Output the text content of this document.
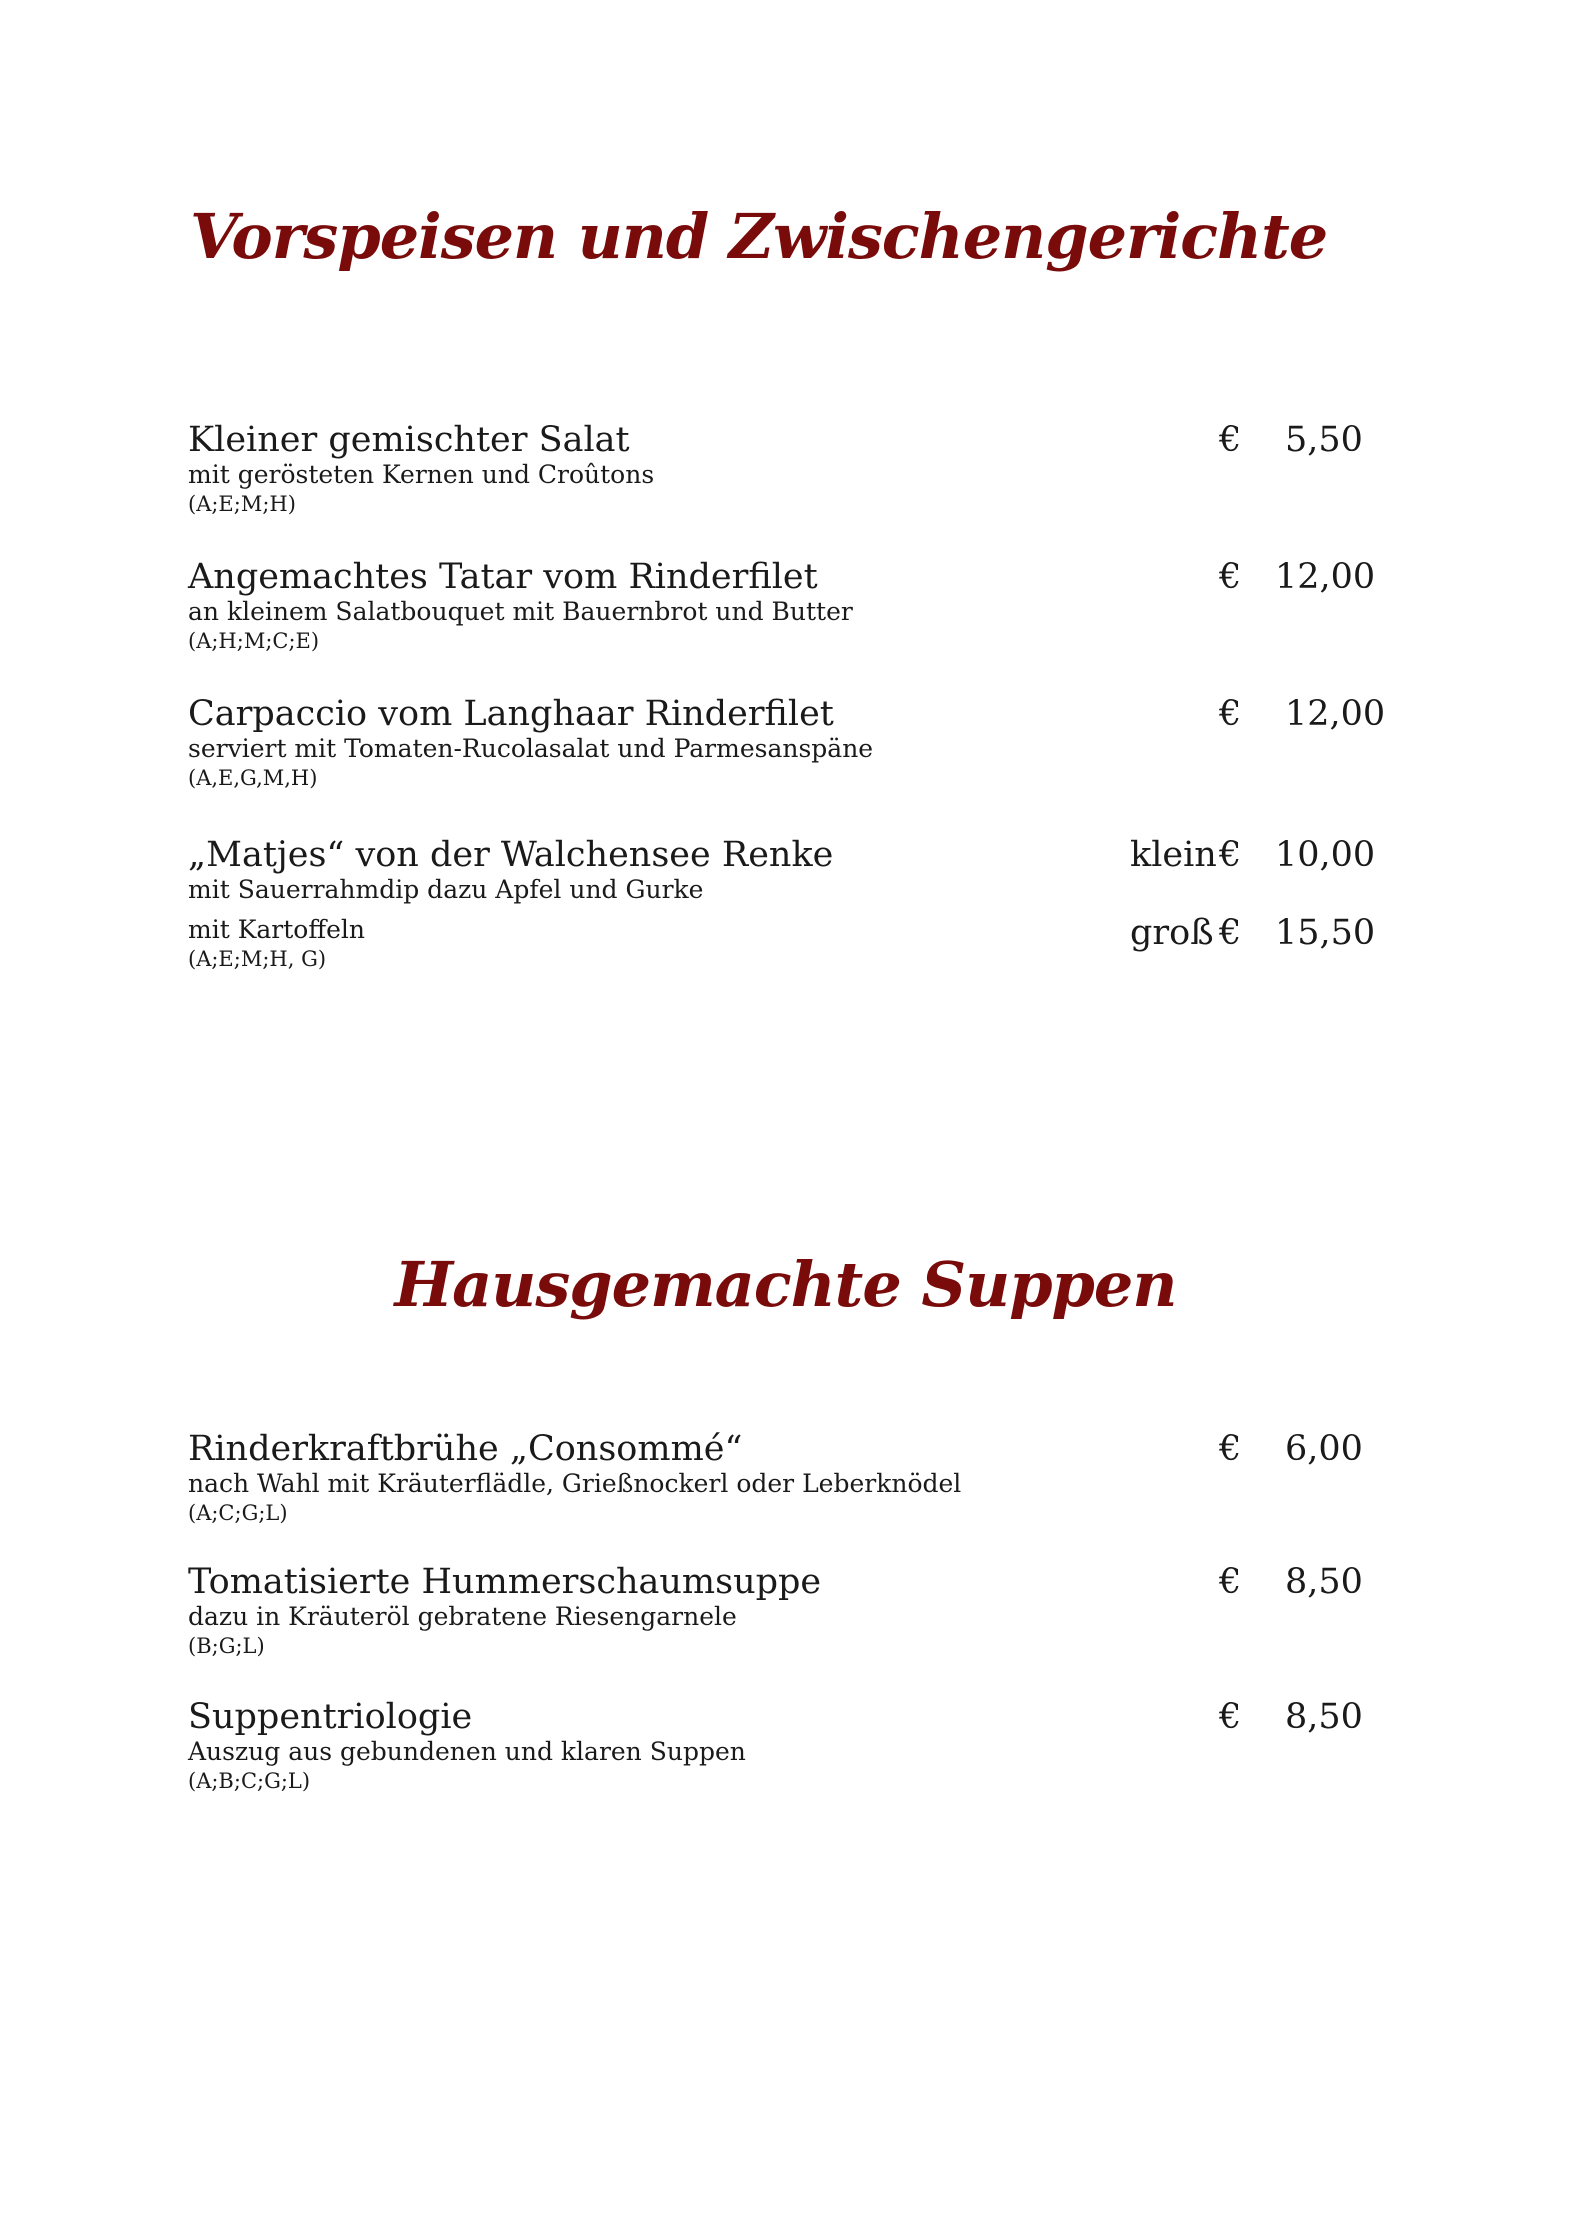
Vorspeisen und Zwischengerichte
Kleiner gemischter Salat
mit gerösteten Kernen und Croûtons
(A;E;M;H)
€ 5,50
Angemachtes Tatar vom Rinderfilet
an kleinem Salatbouquet mit Bauernbrot und Butter
(A;H;M;C;E)
€ 12,00
Carpaccio vom Langhaar Rinderfilet
serviert mit Tomaten-Rucolasalat und Parmesanspäne
(A,E,G,M,H)
€ 12,00
„Matjes“ von der Walchensee Renke
mit Sauerrahmdip dazu Apfel und Gurke
mit Kartoffeln
(A;E;M;H, G)
klein € 10,00
groß € 15,50
Hausgemachte Suppen
Rinderkraftbrühe „Consommé“
nach Wahl mit Kräuterflädle, Grießnockerl oder Leberknödel
(A;C;G;L)
€ 6,00
Tomatisierte Hummerschaumsuppe
dazu in Kräuteröl gebratene Riesengarnele
(B;G;L)
€ 8,50
Suppentriologie
Auszug aus gebundenen und klaren Suppen
(A;B;C;G;L)
€ 8,50
